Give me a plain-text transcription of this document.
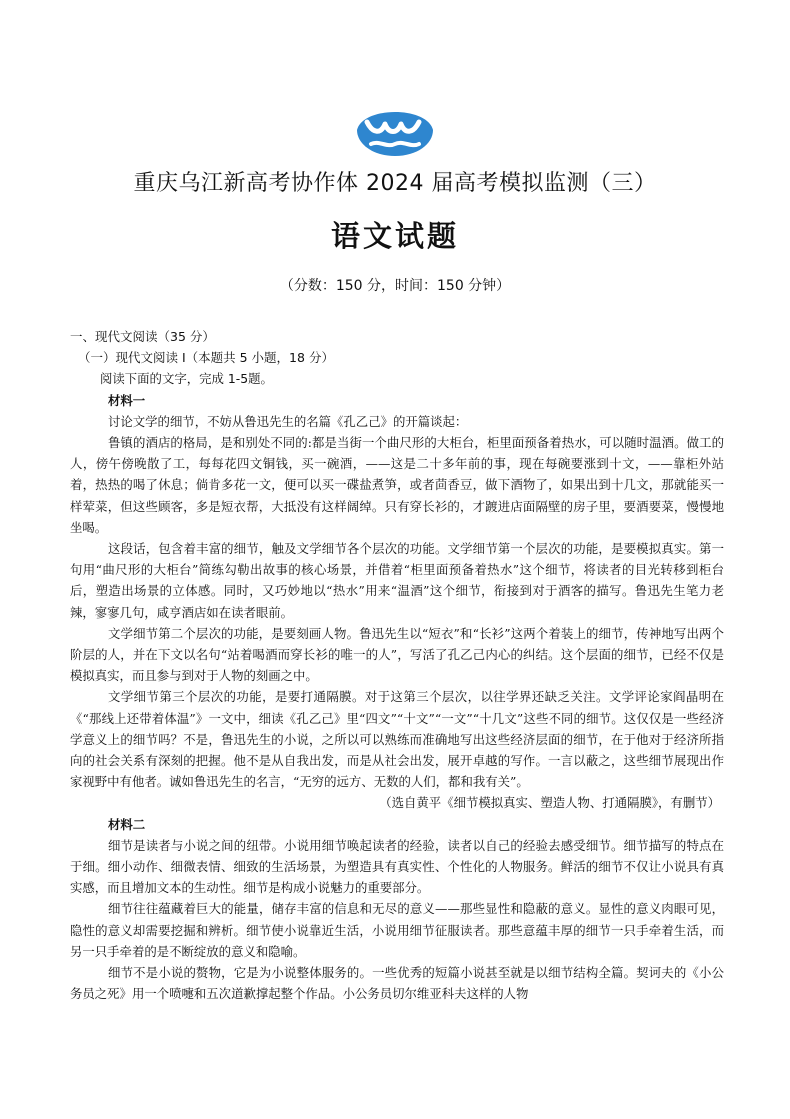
重庆乌江新高考协作体 2024 届高考模拟监测（三）
语文试题
（分数：150 分，时间：150 分钟）

一、现代文阅读（35 分）

（一）现代文阅读 I（本题共 5 小题，18 分）

阅读下面的文字，完成 1-5题。

材料一

讨论文学的细节，不妨从鲁迅先生的名篇《孔乙己》的开篇谈起：

鲁镇的酒店的格局，是和别处不同的:都是当街一个曲尺形的大柜台，柜里面预备着热水，可以随时温酒。做工的人，傍午傍晚散了工，每每花四文铜钱，买一碗酒，——这是二十多年前的事，现在每碗要涨到十文，——靠柜外站着，热热的喝了休息；倘肯多花一文，便可以买一碟盐煮笋，或者茴香豆，做下酒物了，如果出到十几文，那就能买一样荤菜，但这些顾客，多是短衣帮，大抵没有这样阔绰。只有穿长衫的，才踱进店面隔壁的房子里，要酒要菜，慢慢地坐喝。

这段话，包含着丰富的细节，触及文学细节各个层次的功能。文学细节第一个层次的功能，是要模拟真实。第一句用“曲尺形的大柜台”简练勾勒出故事的核心场景，并借着“柜里面预备着热水”这个细节，将读者的目光转移到柜台后，塑造出场景的立体感。同时，又巧妙地以“热水”用来“温酒”这个细节，衔接到对于酒客的描写。鲁迅先生笔力老辣，寥寥几句，咸亨酒店如在读者眼前。

文学细节第二个层次的功能，是要刻画人物。鲁迅先生以“短衣”和“长衫”这两个着装上的细节，传神地写出两个阶层的人，并在下文以名句“站着喝酒而穿长衫的唯一的人”，写活了孔乙己内心的纠结。这个层面的细节，已经不仅是模拟真实，而且参与到对于人物的刻画之中。

文学细节第三个层次的功能，是要打通隔膜。对于这第三个层次，以往学界还缺乏关注。文学评论家阎晶明在《“那线上还带着体温”》一文中，细读《孔乙己》里“四文”“十文”“一文”“十几文”这些不同的细节。这仅仅是一些经济学意义上的细节吗？不是，鲁迅先生的小说，之所以可以熟练而准确地写出这些经济层面的细节，在于他对于经济所指向的社会关系有深刻的把握。他不是从自我出发，而是从社会出发，展开卓越的写作。一言以蔽之，这些细节展现出作家视野中有他者。诚如鲁迅先生的名言，“无穷的远方、无数的人们，都和我有关”。

（选自黄平《细节模拟真实、塑造人物、打通隔膜》，有删节）

材料二

细节是读者与小说之间的纽带。小说用细节唤起读者的经验，读者以自己的经验去感受细节。细节描写的特点在于细。细小动作、细微表情、细致的生活场景，为塑造具有真实性、个性化的人物服务。鲜活的细节不仅让小说具有真实感，而且增加文本的生动性。细节是构成小说魅力的重要部分。

细节往往蕴藏着巨大的能量，储存丰富的信息和无尽的意义——那些显性和隐蔽的意义。显性的意义肉眼可见，隐性的意义却需要挖掘和辨析。细节使小说靠近生活，小说用细节征服读者。那些意蕴丰厚的细节一只手牵着生活，而另一只手牵着的是不断绽放的意义和隐喻。

细节不是小说的赘物，它是为小说整体服务的。一些优秀的短篇小说甚至就是以细节结构全篇。契诃夫的《小公务员之死》用一个喷嚏和五次道歉撑起整个作品。小公务员切尔维亚科夫这样的人物
